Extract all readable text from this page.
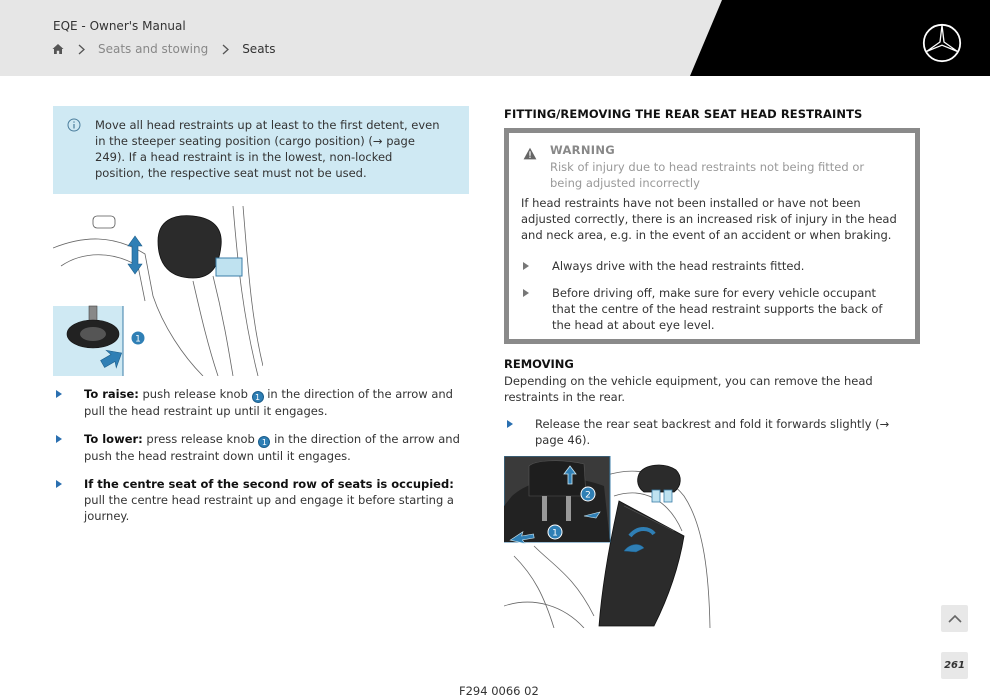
EQE - Owner's Manual
Seats and stowing	Seats
Move all head restraints up at least to the first detent, even in the steeper seating position (cargo position) (→ page 249). If a head restraint is in the lowest, non-locked position, the respective seat must not be used.
1
To raise: push release knob 1 in the direction of the arrow and pull the head restraint up until it engages.
To lower: press release knob 1 in the direction of the arrow and push the head restraint down until it engages.
If the centre seat of the second row of seats is occupied: pull the centre head restraint up and engage it before starting a journey.
FITTING/REMOVING THE REAR SEAT HEAD RESTRAINTS
WARNING
Risk of injury due to head restraints not being fitted or being adjusted incorrectly
If head restraints have not been installed or have not been adjusted correctly, there is an increased risk of injury in the head and neck area, e.g. in the event of an accident or when braking.
Always drive with the head restraints fitted.
Before driving off, make sure for every vehicle occupant that the centre of the head restraint supports the back of the head at about eye level.
REMOVING
Depending on the vehicle equipment, you can remove the head restraints in the rear.
Release the rear seat backrest and fold it forwards slightly (→ page 46).
1
2
F294 0066 02
261
